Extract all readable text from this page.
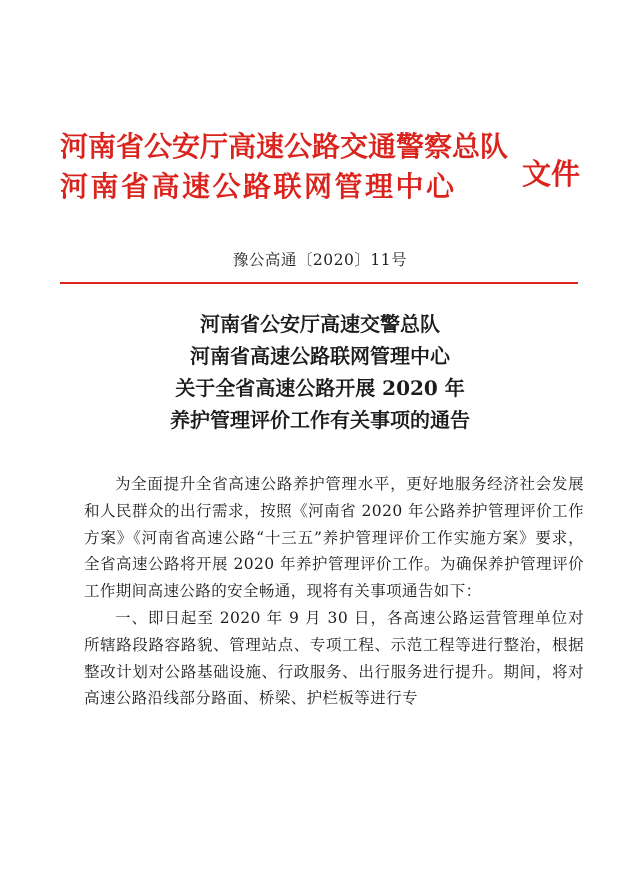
河南省公安厅高速公路交通警察总队
河南省高速公路联网管理中心	文件
豫公高通〔2020〕11号
河南省公安厅高速交警总队
河南省高速公路联网管理中心
关于全省高速公路开展 2020 年
养护管理评价工作有关事项的通告
为全面提升全省高速公路养护管理水平，更好地服务经济社会发展和人民群众的出行需求，按照《河南省 2020 年公路养护管理评价工作方案》《河南省高速公路“十三五”养护管理评价工作实施方案》要求，全省高速公路将开展 2020 年养护管理评价工作。为确保养护管理评价工作期间高速公路的安全畅通，现将有关事项通告如下：
一、即日起至 2020 年 9 月 30 日，各高速公路运营管理单位对所辖路段路容路貌、管理站点、专项工程、示范工程等进行整治，根据整改计划对公路基础设施、行政服务、出行服务进行提升。期间，将对高速公路沿线部分路面、桥梁、护栏板等进行专
